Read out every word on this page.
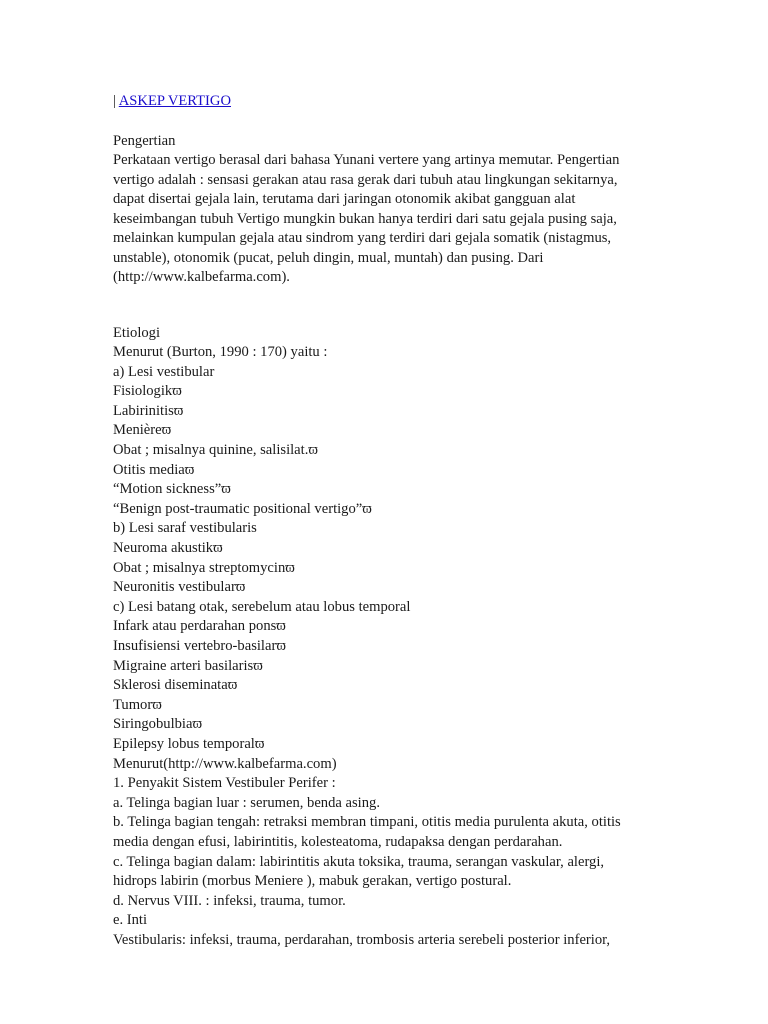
| ASKEP VERTIGO
Pengertian
Perkataan vertigo berasal dari bahasa Yunani vertere yang artinya memutar. Pengertian
vertigo adalah : sensasi gerakan atau rasa gerak dari tubuh atau lingkungan sekitarnya,
dapat disertai gejala lain, terutama dari jaringan otonomik akibat gangguan alat
keseimbangan tubuh Vertigo mungkin bukan hanya terdiri dari satu gejala pusing saja,
melainkan kumpulan gejala atau sindrom yang terdiri dari gejala somatik (nistagmus,
unstable), otonomik (pucat, peluh dingin, mual, muntah) dan pusing. Dari
(http://www.kalbefarma.com).
Etiologi
Menurut (Burton, 1990 : 170) yaitu :
a) Lesi vestibular
Fisiologikϖ
Labirinitisϖ
Menièreϖ
Obat ; misalnya quinine, salisilat.ϖ
Otitis mediaϖ
“Motion sickness”ϖ
“Benign post-traumatic positional vertigo”ϖ
b) Lesi saraf vestibularis
Neuroma akustikϖ
Obat ; misalnya streptomycinϖ
Neuronitis vestibularϖ
c) Lesi batang otak, serebelum atau lobus temporal
Infark atau perdarahan ponsϖ
Insufisiensi vertebro-basilarϖ
Migraine arteri basilarisϖ
Sklerosi diseminataϖ
Tumorϖ
Siringobulbiaϖ
Epilepsy lobus temporalϖ
Menurut(http://www.kalbefarma.com)
1. Penyakit Sistem Vestibuler Perifer :
a. Telinga bagian luar : serumen, benda asing.
b. Telinga bagian tengah: retraksi membran timpani, otitis media purulenta akuta, otitis
media dengan efusi, labirintitis, kolesteatoma, rudapaksa dengan perdarahan.
c. Telinga bagian dalam: labirintitis akuta toksika, trauma, serangan vaskular, alergi,
hidrops labirin (morbus Meniere ), mabuk gerakan, vertigo postural.
d. Nervus VIII. : infeksi, trauma, tumor.
e. Inti
Vestibularis: infeksi, trauma, perdarahan, trombosis arteria serebeli posterior inferior,
